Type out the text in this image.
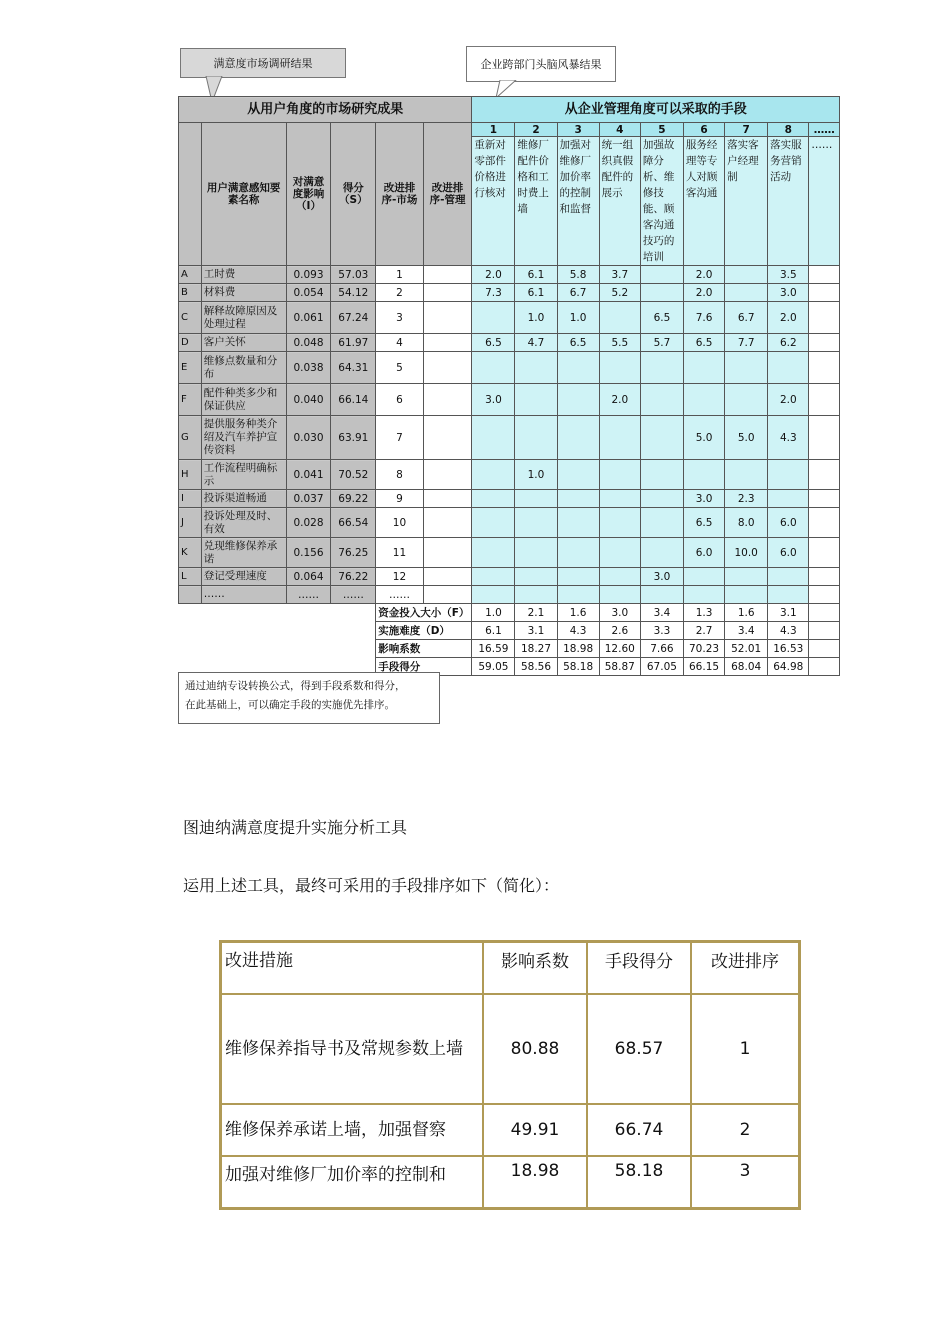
满意度市场调研结果	企业跨部门头脑风暴结果
从用户角度的市场研究成果						从企业管理角度可以采取的手段								
	用户满意感知要素名称	对满意度影响（I）	得分（S）	改进排序-市场	改进排序-管理	1	2	3	4	5	6	7	8	……
						重新对零部件价格进行核对	维修厂配件价格和工时费上墙	加强对维修厂加价率的控制和监督	统一组织真假配件的展示	加强故障分析、维修技能、顾客沟通技巧的培训	服务经理等专人对顾客沟通	落实客户经理制	落实服务营销活动	……
A	工时费	0.093	57.03	1		2.0	6.1	5.8	3.7		2.0		3.5	
B	材料费	0.054	54.12	2		7.3	6.1	6.7	5.2		2.0		3.0	
C	解释故障原因及处理过程	0.061	67.24	3			1.0	1.0		6.5	7.6	6.7	2.0	
D	客户关怀	0.048	61.97	4		6.5	4.7	6.5	5.5	5.7	6.5	7.7	6.2	
E	维修点数量和分布	0.038	64.31	5										
F	配件种类多少和保证供应	0.040	66.14	6		3.0			2.0				2.0	
G	提供服务种类介绍及汽车养护宣传资料	0.030	63.91	7							5.0	5.0	4.3	
H	工作流程明确标示	0.041	70.52	8			1.0							
I	投诉渠道畅通	0.037	69.22	9							3.0	2.3		
J	投诉处理及时、有效	0.028	66.54	10							6.5	8.0	6.0	
K	兑现维修保养承诺	0.156	76.25	11							6.0	10.0	6.0	
L	登记受理速度	0.064	76.22	12						3.0				
	……	……	……	……										
				资金投入大小（F）		1.0	2.1	1.6	3.0	3.4	1.3	1.6	3.1	
				实施难度（D）		6.1	3.1	4.3	2.6	3.3	2.7	3.4	4.3	
				影响系数		16.59	18.27	18.98	12.60	7.66	70.23	52.01	16.53	
				手段得分		59.05	58.56	58.18	58.87	67.05	66.15	68.04	64.98	
通过迪纳专设转换公式，得到手段系数和得分，
在此基础上，可以确定手段的实施优先排序。
图迪纳满意度提升实施分析工具
运用上述工具，最终可采用的手段排序如下（简化）：
改进措施	影响系数	手段得分	改进排序
维修保养指导书及常规参数上墙	80.88	68.57	1
维修保养承诺上墙，加强督察	49.91	66.74	2
加强对维修厂加价率的控制和	18.98	58.18	3
